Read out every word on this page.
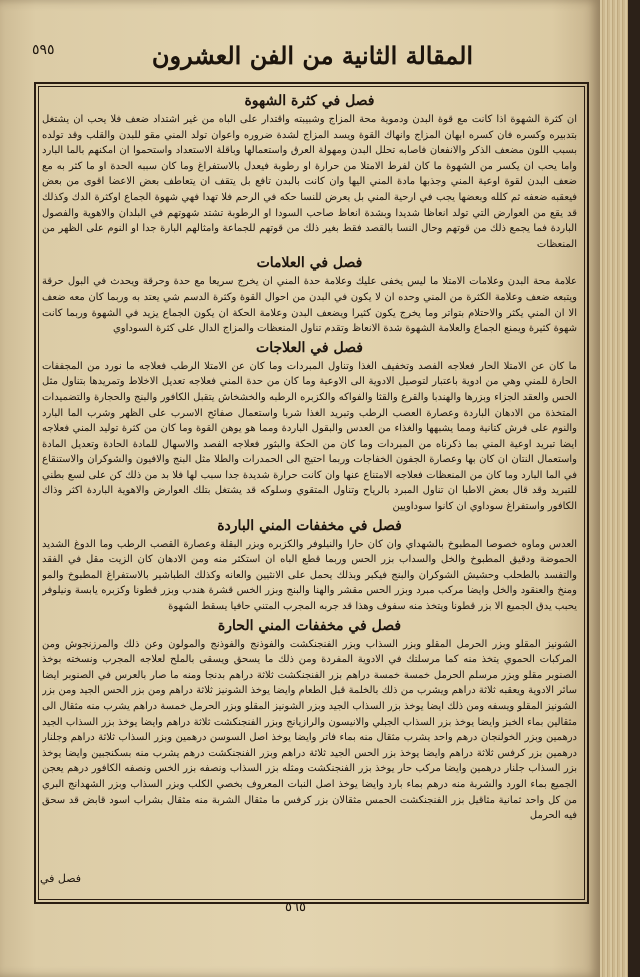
المقالة الثانية من الفن العشرون
٥٩٥
فصل في كثرة الشهوة

ان كثرة الشهوة اذا كانت مع قوة البدن ودموية محة المزاج وشبيبته واقتدار على الباه من غير اشتداد ضعف فلا يحب ان يشتغل بتدبيره وكسره فان كسره ابهان المزاج وانهاك القوة ويسد المزاج لشدة ضروره واعوان تولد المني مقو للبدن والقلب وقد تولده بسبب اللون مضعف الذكر والانفعان فاصابه تحلل البدن ومهولة العرق واستعمالها وباقلة الاستعداد واستحموا ان امكنهم بالما البارد واما يحب ان يكسر من الشهوة ما كان لفرط الامتلا من حرارة او رطوبة فيعدل بالاستفراغ وما كان سببه الحدة او ما كثر به مع ضعف البدن لقوة اوعية المني وجذبها مادة المني اليها وان كانت بالبدن تافع بل يتقف ان يتعاطف بعض الاعضا اقوى من بعض فيعقبه ضعفه ثم كلله وبعضها يجب في ارحية المني بل يعرض للنسا حكه في الرحم فلا تهدا فهي شهوة الجماع اوكثرة الدك وكذلك قد يقع من العوارض التي تولد انعاظا شديدا وبشدة انعاظ صاحب السودا او الرطوبة تشتد شهوتهم في البلدان والاهوية والفصول الباردة فما يجمع ذلك من قوتهم وحال النسا بالقصد فقط بغير ذلك من قوتهم للجماعة وامثالهم البارة جدا او النوم على الظهر من المنعظات

فصل في العلامات

علامة محة البدن وعلامات الامتلا ما ليس يخفى عليك وعلامة حدة المني ان يخرج سريعا مع حدة وحرقة ويحدث في البول حرقة ويتبعه ضعف وعلامة الكثرة من المني وحده ان لا يكون في البدن من احوال القوة وكثرة الدسم شي يعتد به وربما كان معه ضعف الا ان المني يكثر والاحتلام بتواتر وما يخرج يكون كثيرا ويضعف البدن وعلامة الحكة ان يكون الجماع يزيد في الشهوة وربما كانت شهوة كثيرة ويمنع الجماع والعلامة الشهوة شدة الانعاظ وتقدم تناول المنعظات والمزاج الدال على كثرة السوداوي

فصل في العلاجات

ما كان عن الامتلا الحار فعلاجه الفصد وتخفيف الغذا وتناول المبردات وما كان عن الامتلا الرطب فعلاجه ما نورد من المجففات الحارة للمني وهي من ادوية باعتبار لتوصيل الادوية الى الاوعية وما كان من حدة المني فعلاجه تعديل الاخلاط وتمريدها بتناول مثل الحس والعقد الجزاء وبزرها والهندبا والقرع والقثا والفواكه والكزبره الرطبه والخشخاش يتقبل الكافور والبنج والحجارة والتضميدات المتخذة من الادهان الباردة وعصارة العصب الرطب وتبريد الغذا شربا واستعمال صفائح الاسرب على الظهر وشرب الما البارد والنوم على فرش كتانية ومما يشبهها والغذاء من العدس والبقول الباردة ومما هو يوهن القوة وما كان من كثرة توليد المني فعلاجه ايضا تبريد اوعية المني بما ذكرناه من المبردات وما كان من الحكة والبثور فعلاجه الفصد والاسهال للمادة الحادة وتعديل المادة واستعمال النتان ان كان بها وعصارة الجفون الخفاجات وربما احتيج الى الحمدرات والطلا مثل البنج والافيون والشوكران والاستنقاع في الما البارد وما كان من المنعظات فعلاجه الامتناع عنها وان كانت حرارة شديدة جدا سبب لها فلا بد من ذلك كن على لسع بطني للتبريد وقد قال بعض الاطبا ان تناول المبرد بالرياح وتناول المتقوي وسلوكه قد يشتغل بتلك العوارض والاهوية الباردة اكثر وذاك الكافور واستفراغ سوداوي ان كانوا سوداويين

فصل في مخففات المني الباردة

العدس وماوه خصوصا المطبوخ بالشهداي وان كان حارا والنيلوفر والكزبره وبزر البقلة وعصارة القصب الرطب وما الدوغ الشديد الحموضة ودقيق المطبوخ والخل والسداب بزر الحس وربما قطع الباه ان استكثر منه ومن الادهان كان الزيت مقل في الفقد والتفسد بالطحلب وحشيش الشوكران والبنج فيكبر وبذلك يحمل على الانثيين والعانه وكذلك الطباشير بالاستفراغ المطبوخ والمو ومنخ والعنقود والخل وايضا مركب مبرد وبزر الحس مقشر والهنا والبنج وبزر الخس قشرة هندب وبزر قطونا وكزبره يابسة ونيلوفر يحبب يدق الجميع الا بزر قطونا ويتخذ منه سفوف وهذا قد جربه المجرب المتني حافيا يسقط الشهوة

فصل في مخففات المني الحارة

الشونيز المقلو وبزر الحرمل المقلو وبزر السذاب وبزر الفنجنكشت والفوذنج والفوذنج والمولون وعن ذلك والمرزنجوش ومن المركبات الحموي يتخذ منه كما مرسلتك في الادوية المفردة ومن ذلك ما يسحق ويسقى بالملح لعلاجه المجرب ونسخته بوخذ الصنوبر مقلو وبزر مرسلم الحرمل خمسة خمسة دراهم بزر الفنجنكشت ثلاثة دراهم بدنجا ومنه ما صار بالعرس في الصنوبر ايضا سائر الادوية ويعقبه ثلاثة دراهم ويشرب من ذلك بالخلمة قبل الطعام وايضا يوخذ الشونيز ثلاثة دراهم ومن بزر الحس الجيد ومن بزر الشونيز المقلو ويسفه ومن ذلك ايضا يوخذ بزر السذاب الجيد وبزر الشونيز المقلو وبزر الحرمل خمسة دراهم يشرب منه مثقال الى مثقالين بماء الخبز وايضا يوخذ بزر السذاب الجبلي والانيسون والرازيانج وبزر الفنجنكشت ثلاثة دراهم وايضا يوخذ بزر السذاب الجيد درهمين وبزر الخولنجان درهم واحد يشرب مثقال منه بماء فاتر وايضا يوخذ اصل السوسن درهمين وبزر السذاب ثلاثة دراهم وجلنار درهمين بزر كرفس ثلاثة دراهم وايضا يوخذ بزر الحس الجيد ثلاثة دراهم وبزر الفنجنكشت درهم يشرب منه بسكنجبين وايضا يوخذ بزر السذاب جلنار درهمين وايضا مركب حار يوخذ بزر الفنجنكشت ومثله بزر السذاب ونصفه بزر الخس ونصفه الكافور درهم يعجن الجميع بماء الورد والشربة منه درهم بماء بارد وايضا يوخذ اصل النبات المعروف بخصي الكلب وبزر السذاب وبزر الشهدانج البري من كل واحد ثمانية مثاقيل بزر الفنجنكشت الحمس مثقالان بزر كرفس ما مثقال الشربة منه مثقال بشراب اسود قابض قد سحق فيه الحرمل

فصل في
٥٦٥
